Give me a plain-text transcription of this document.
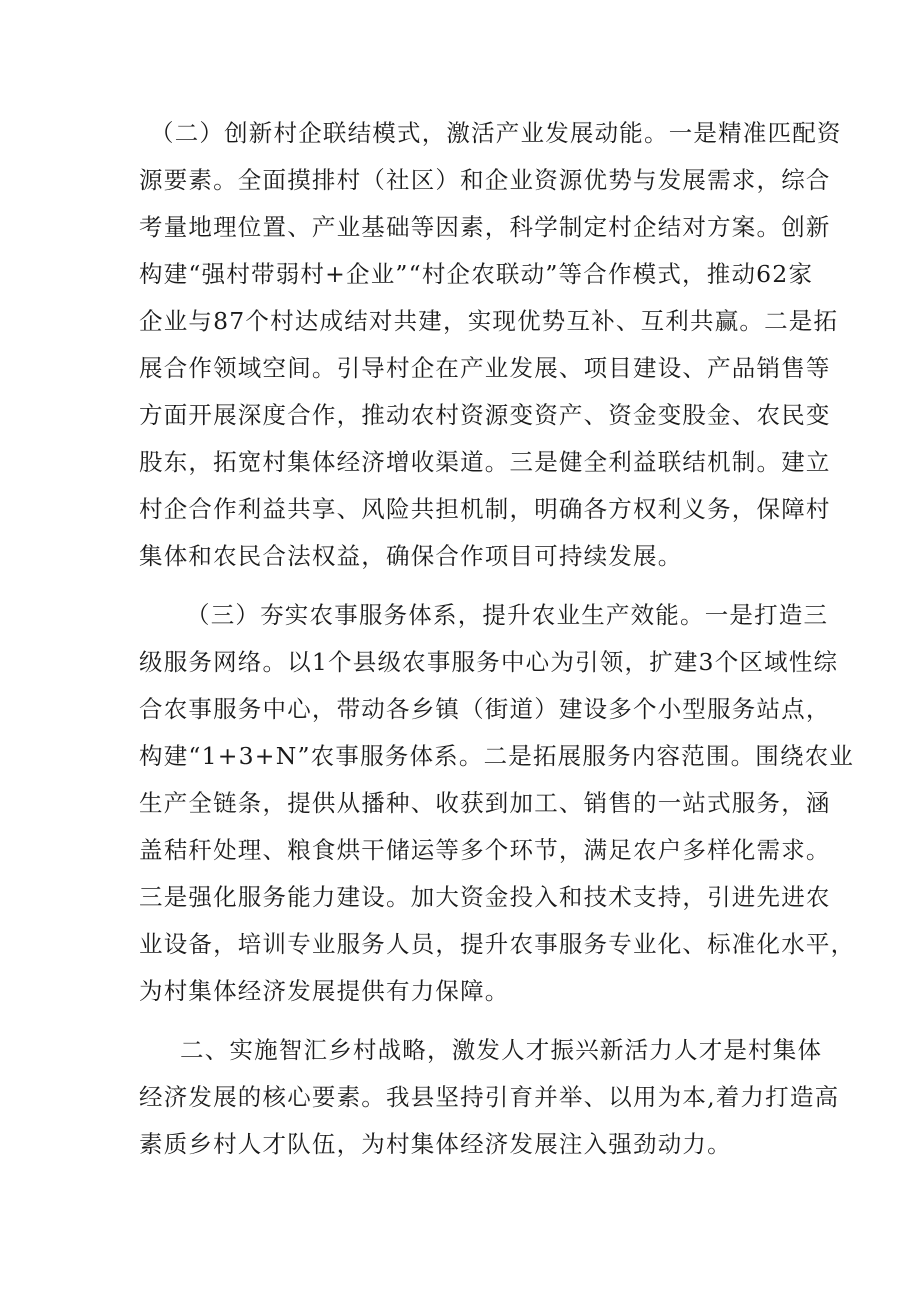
（二）创新村企联结模式，激活产业发展动能。一是精准匹配资
源要素。全面摸排村（社区）和企业资源优势与发展需求，综合
考量地理位置、产业基础等因素，科学制定村企结对方案。创新
构建“强村带弱村+企业”“村企农联动”等合作模式，推动62家
企业与87个村达成结对共建，实现优势互补、互利共赢。二是拓
展合作领域空间。引导村企在产业发展、项目建设、产品销售等
方面开展深度合作，推动农村资源变资产、资金变股金、农民变
股东，拓宽村集体经济增收渠道。三是健全利益联结机制。建立
村企合作利益共享、风险共担机制，明确各方权利义务，保障村
集体和农民合法权益，确保合作项目可持续发展。
（三）夯实农事服务体系，提升农业生产效能。一是打造三
级服务网络。以1个县级农事服务中心为引领，扩建3个区域性综
合农事服务中心，带动各乡镇（街道）建设多个小型服务站点，
构建“1+3+N”农事服务体系。二是拓展服务内容范围。围绕农业
生产全链条，提供从播种、收获到加工、销售的一站式服务，涵
盖秸秆处理、粮食烘干储运等多个环节，满足农户多样化需求。
三是强化服务能力建设。加大资金投入和技术支持，引进先进农
业设备，培训专业服务人员，提升农事服务专业化、标准化水平，
为村集体经济发展提供有力保障。
二、实施智汇乡村战略，激发人才振兴新活力人才是村集体
经济发展的核心要素。我县坚持引育并举、以用为本,着力打造高
素质乡村人才队伍，为村集体经济发展注入强劲动力。
